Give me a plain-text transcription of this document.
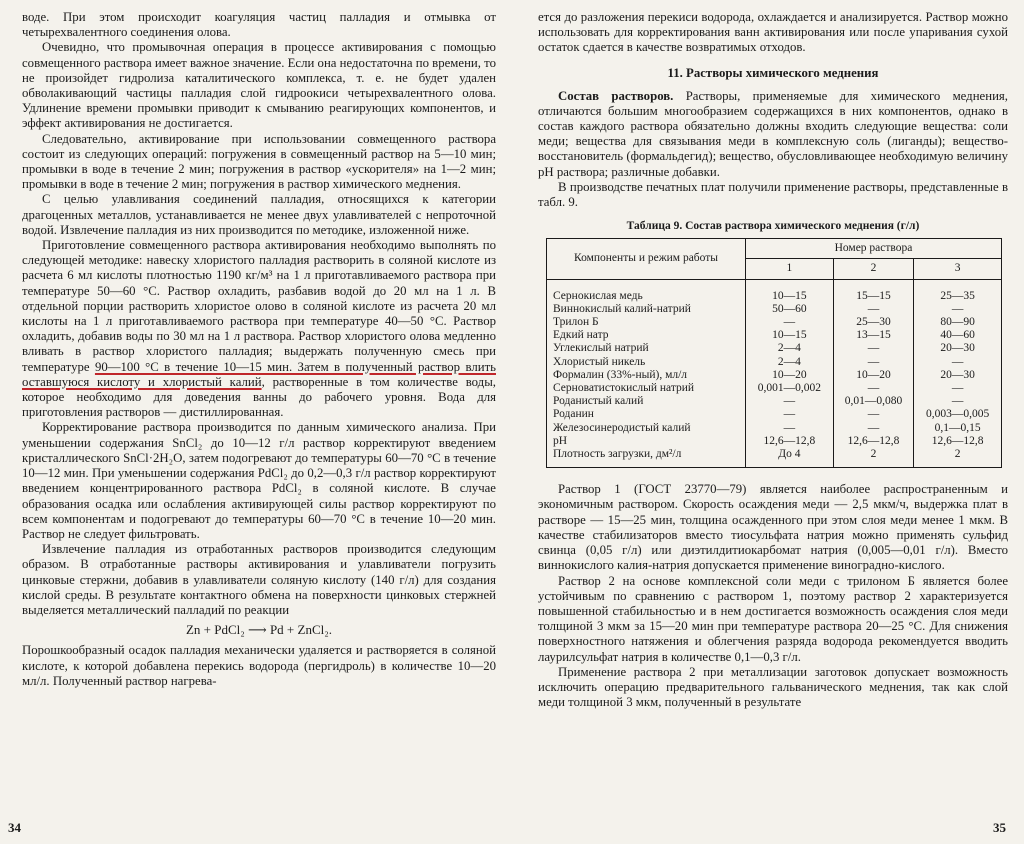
воде. При этом происходит коагуляция частиц палладия и отмывка от четырехвалентного соединения олова.

Очевидно, что промывочная операция в процессе активирования с помощью совмещенного раствора имеет важное значение. Если она недостаточна по времени, то не произойдет гидролиза каталитического комплекса, т. е. не будет удален обволакивающий частицы палладия слой гидроокиси четырехвалентного олова. Удлинение времени промывки приводит к смыванию реагирующих компонентов, и эффект активирования не достигается.

Следовательно, активирование при использовании совмещенного раствора состоит из следующих операций: погружения в совмещенный раствор на 5—10 мин; промывки в воде в течение 2 мин; погружения в раствор «ускорителя» на 1—2 мин; промывки в воде в течение 2 мин; погружения в раствор химического меднения.

С целью улавливания соединений палладия, относящихся к категории драгоценных металлов, устанавливается не менее двух улавливателей с непроточной водой. Извлечение палладия из них производится по методике, изложенной ниже.

Приготовление совмещенного раствора активирования необходимо выполнять по следующей методике: навеску хлористого палладия растворить в соляной кислоте из расчета 6 мл кислоты плотностью 1190 кг/м³ на 1 л приготавливаемого раствора при температуре 50—60 °С. Раствор охладить, разбавив водой до 20 мл на 1 л. В отдельной порции растворить хлористое олово в соляной кислоте из расчета 20 мл кислоты на 1 л приготавливаемого раствора при температуре 40—50 °С. Раствор охладить, добавив воды по 30 мл на 1 л раствора. Раствор хлористого олова медленно вливать в раствор хлористого палладия; выдержать полученную смесь при температуре 90—100 °С в течение 10—15 мин. Затем в полученный раствор влить оставшуюся кислоту и хлористый калий, растворенные в том количестве воды, которое необходимо для доведения ванны до рабочего уровня. Вода для приготовления растворов — дистиллированная.

Корректирование раствора производится по данным химического анализа. При уменьшении содержания SnCl₂ до 10—12 г/л раствор корректируют введением кристаллического SnCl·2H₂O, затем подогревают до температуры 60—70 °С в течение 10—12 мин. При уменьшении содержания PdCl₂ до 0,2—0,3 г/л раствор корректируют введением концентрированного раствора PdCl₂ в соляной кислоте. В случае образования осадка или ослабления активирующей силы раствор корректируют по всем компонентам и подогревают до температуры 60—70 °С в течение 10—20 мин. Раствор не следует фильтровать.

Извлечение палладия из отработанных растворов производится следующим образом. В отработанные растворы активирования и улавливатели погрузить цинковые стержни, добавив в улавливатели соляную кислоту (140 г/л) для создания кислой среды. В результате контактного обмена на поверхности цинковых стержней выделяется металлический палладий по реакции

Zn + PdCl₂ ⟶ Pd + ZnCl₂.

Порошкообразный осадок палладия механически удаляется и растворяется в соляной кислоте, к которой добавлена перекись водорода (пергидроль) в количестве 10—20 мл/л. Полученный раствор нагрева-

34

ется до разложения перекиси водорода, охлаждается и анализируется. Раствор можно использовать для корректирования ванн активирования или после упаривания сухой остаток сдается в качестве возвратимых отходов.

11. Растворы химического меднения

Состав растворов. Растворы, применяемые для химического меднения, отличаются большим многообразием содержащихся в них компонентов, однако в состав каждого раствора обязательно должны входить следующие вещества: соли меди; вещества для связывания меди в комплексную соль (лиганды); вещество-восстановитель (формальдегид); вещество, обусловливающее необходимую величину рН раствора; различные добавки.

В производстве печатных плат получили применение растворы, представленные в табл. 9.

Таблица 9. Состав раствора химического меднения (г/л)
Компоненты и режим работы	Номер раствора		
	1	2	3
Сернокислая медь	10—15	15—15	25—35
Виннокислый калий-натрий	50—60	—	—
Трилон Б	—	25—30	80—90
Едкий натр	10—15	13—15	40—60
Углекислый натрий	2—4	—	20—30
Хлористый никель	2—4	—	—
Формалин (33%-ный), мл/л	10—20	10—20	20—30
Серноватистокислый натрий	0,001—0,002	—	—
Роданистый калий	—	0,01—0,080	—
Роданин	—	—	0,003—0,005
Железосинеродистый калий	—	—	0,1—0,15
рН	12,6—12,8	12,6—12,8	12,6—12,8
Плотность загрузки, дм²/л	До 4	2	2

Раствор 1 (ГОСТ 23770—79) является наиболее распространенным и экономичным раствором. Скорость осаждения меди — 2,5 мкм/ч, выдержка плат в растворе — 15—25 мин, толщина осажденного при этом слоя меди менее 1 мкм. В качестве стабилизаторов вместо тиосульфата натрия можно применять сульфид свинца (0,05 г/л) или диэтилдитиокарбомат натрия (0,005—0,01 г/л). Вместо виннокислого калия-натрия допускается применение виноградно-кислого.

Раствор 2 на основе комплексной соли меди с трилоном Б является более устойчивым по сравнению с раствором 1, поэтому раствор 2 характеризуется повышенной стабильностью и в нем достигается возможность осаждения слоя меди толщиной 3 мкм за 15—20 мин при температуре раствора 20—25 °С. Для снижения поверхностного натяжения и облегчения разряда водорода рекомендуется вводить лаурилсульфат натрия в количестве 0,1—0,3 г/л.

Применение раствора 2 при металлизации заготовок допускает возможность исключить операцию предварительного гальванического меднения, так как слой меди толщиной 3 мкм, полученный в результате

35
